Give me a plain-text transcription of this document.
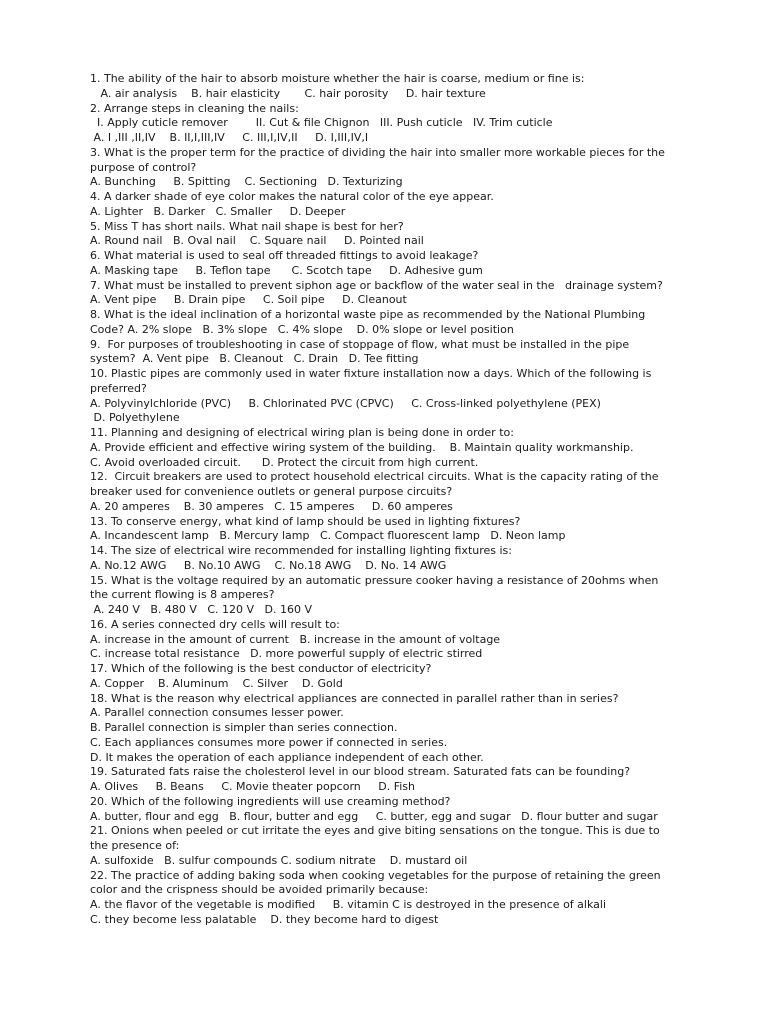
1. The ability of the hair to absorb moisture whether the hair is coarse, medium or fine is:
A. air analysis    B. hair elasticity       C. hair porosity     D. hair texture
2. Arrange steps in cleaning the nails:
I. Apply cuticle remover        II. Cut & file Chignon   III. Push cuticle   IV. Trim cuticle
A. I ,III ,II,IV    B. II,I,III,IV     C. III,I,IV,II     D. I,III,IV,I
3. What is the proper term for the practice of dividing the hair into smaller more workable pieces for the
purpose of control?
A. Bunching     B. Spitting    C. Sectioning   D. Texturizing
4. A darker shade of eye color makes the natural color of the eye appear.
A. Lighter   B. Darker   C. Smaller     D. Deeper
5. Miss T has short nails. What nail shape is best for her?
A. Round nail   B. Oval nail    C. Square nail     D. Pointed nail
6. What material is used to seal off threaded fittings to avoid leakage?
A. Masking tape     B. Teflon tape      C. Scotch tape     D. Adhesive gum
7. What must be installed to prevent siphon age or backflow of the water seal in the   drainage system?
A. Vent pipe     B. Drain pipe     C. Soil pipe     D. Cleanout
8. What is the ideal inclination of a horizontal waste pipe as recommended by the National Plumbing
Code? A. 2% slope   B. 3% slope   C. 4% slope    D. 0% slope or level position
9.  For purposes of troubleshooting in case of stoppage of flow, what must be installed in the pipe
system?  A. Vent pipe   B. Cleanout   C. Drain   D. Tee fitting
10. Plastic pipes are commonly used in water fixture installation now a days. Which of the following is
preferred?
A. Polyvinylchloride (PVC)     B. Chlorinated PVC (CPVC)     C. Cross-linked polyethylene (PEX)
D. Polyethylene
11. Planning and designing of electrical wiring plan is being done in order to:
A. Provide efficient and effective wiring system of the building.    B. Maintain quality workmanship.
C. Avoid overloaded circuit.      D. Protect the circuit from high current.
12.  Circuit breakers are used to protect household electrical circuits. What is the capacity rating of the
breaker used for convenience outlets or general purpose circuits?
A. 20 amperes    B. 30 amperes   C. 15 amperes     D. 60 amperes
13. To conserve energy, what kind of lamp should be used in lighting fixtures?
A. Incandescent lamp   B. Mercury lamp   C. Compact fluorescent lamp   D. Neon lamp
14. The size of electrical wire recommended for installing lighting fixtures is:
A. No.12 AWG     B. No.10 AWG    C. No.18 AWG    D. No. 14 AWG
15. What is the voltage required by an automatic pressure cooker having a resistance of 20ohms when
the current flowing is 8 amperes?
A. 240 V   B. 480 V   C. 120 V   D. 160 V
16. A series connected dry cells will result to:
A. increase in the amount of current   B. increase in the amount of voltage
C. increase total resistance   D. more powerful supply of electric stirred
17. Which of the following is the best conductor of electricity?
A. Copper    B. Aluminum    C. Silver    D. Gold
18. What is the reason why electrical appliances are connected in parallel rather than in series?
A. Parallel connection consumes lesser power.
B. Parallel connection is simpler than series connection.
C. Each appliances consumes more power if connected in series.
D. It makes the operation of each appliance independent of each other.
19. Saturated fats raise the cholesterol level in our blood stream. Saturated fats can be founding?
A. Olives     B. Beans     C. Movie theater popcorn     D. Fish
20. Which of the following ingredients will use creaming method?
A. butter, flour and egg   B. flour, butter and egg     C. butter, egg and sugar   D. flour butter and sugar
21. Onions when peeled or cut irritate the eyes and give biting sensations on the tongue. This is due to
the presence of:
A. sulfoxide   B. sulfur compounds C. sodium nitrate    D. mustard oil
22. The practice of adding baking soda when cooking vegetables for the purpose of retaining the green
color and the crispness should be avoided primarily because:
A. the flavor of the vegetable is modified     B. vitamin C is destroyed in the presence of alkali
C. they become less palatable    D. they become hard to digest
